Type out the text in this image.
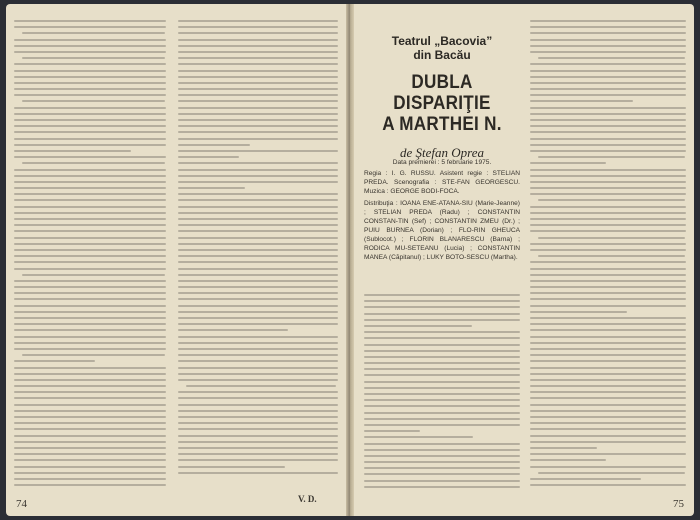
V. D.
74
Teatrul „Bacovia”
din Bacău
DUBLA DISPARIŢIE
A MARTHEI N.
de Ştefan Oprea

Data premierei : 5 februarie 1975.

Regia : I. G. RUSSU. Asistent regie : STELIAN PREDA. Scenografia : STE-FAN GEORGESCU. Muzica : GEORGE BODI-FOCA.

Distribuţia : IOANA ENE-ATANA-SIU (Marie-Jeanne) ; STELIAN PREDA (Radu) ; CONSTANTIN CONSTAN-TIN (Sef) ; CONSTANTIN ZMEU (Dr.) ; PUIU BURNEA (Dorian) ; FLO-RIN GHEUCA (Sublocot.) ; FLORIN BLANARESCU (Barna) ; RODICA MU-SETEANU (Lucia) ; CONSTANTIN MANEA (Căpitanul) ; LUKY BOTO-SESCU (Martha).

75
